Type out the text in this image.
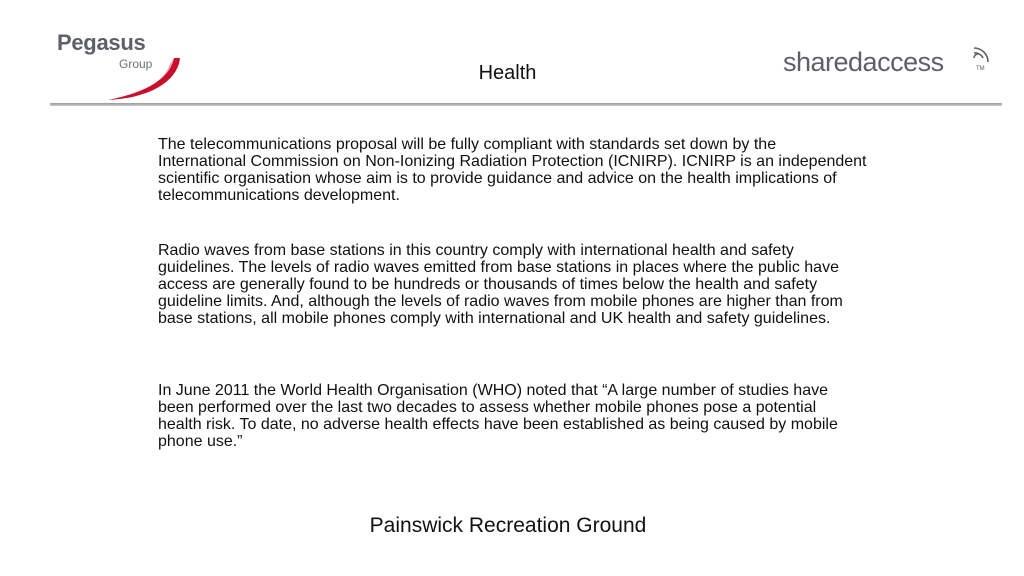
Pegasus
Group	Health	sharedaccess	TM

The telecommunications proposal will be fully compliant with standards set down by the International Commission on Non-Ionizing Radiation Protection (ICNIRP). ICNIRP is an independent scientific organisation whose aim is to provide guidance and advice on the health implications of telecommunications development.

Radio waves from base stations in this country comply with international health and safety guidelines. The levels of radio waves emitted from base stations in places where the public have access are generally found to be hundreds or thousands of times below the health and safety guideline limits. And, although the levels of radio waves from mobile phones are higher than from base stations, all mobile phones comply with international and UK health and safety guidelines.

In June 2011 the World Health Organisation (WHO) noted that “A large number of studies have been performed over the last two decades to assess whether mobile phones pose a potential health risk. To date, no adverse health effects have been established as being caused by mobile phone use.”

Painswick Recreation Ground
